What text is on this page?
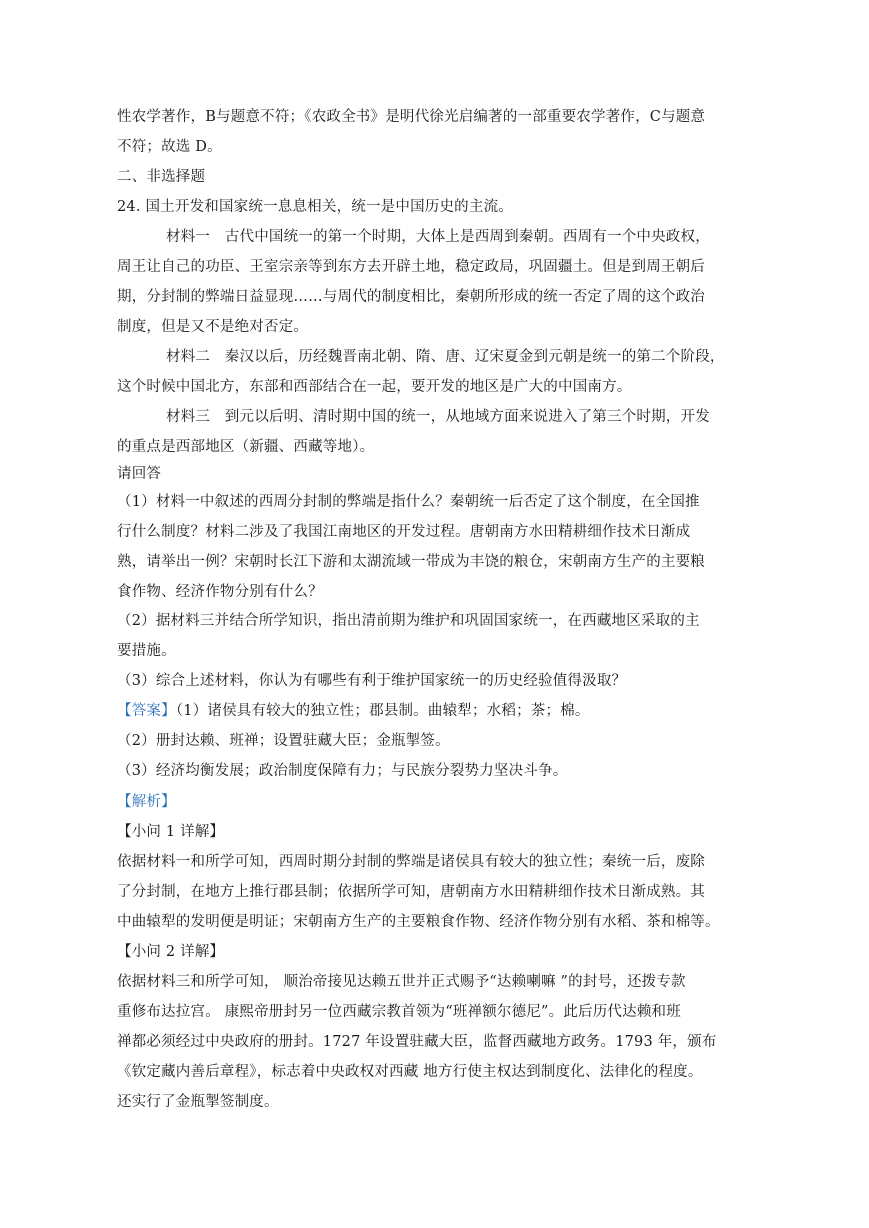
性农学著作，B与题意不符；《农政全书》是明代徐光启编著的一部重要农学著作，C与题意
不符；故选 D。
二、非选择题
24. 国土开发和国家统一息息相关，统一是中国历史的主流。
材料一　古代中国统一的第一个时期，大体上是西周到秦朝。西周有一个中央政权，
周王让自己的功臣、王室宗亲等到东方去开辟土地，稳定政局，巩固疆土。但是到周王朝后
期，分封制的弊端日益显现……与周代的制度相比，秦朝所形成的统一否定了周的这个政治
制度，但是又不是绝对否定。
材料二　秦汉以后，历经魏晋南北朝、隋、唐、辽宋夏金到元朝是统一的第二个阶段，
这个时候中国北方，东部和西部结合在一起，要开发的地区是广大的中国南方。
材料三　到元以后明、清时期中国的统一，从地域方面来说进入了第三个时期，开发
的重点是西部地区（新疆、西藏等地）。
请回答
（1）材料一中叙述的西周分封制的弊端是指什么？秦朝统一后否定了这个制度，在全国推
行什么制度？材料二涉及了我国江南地区的开发过程。唐朝南方水田精耕细作技术日渐成
熟，请举出一例？宋朝时长江下游和太湖流域一带成为丰饶的粮仓，宋朝南方生产的主要粮
食作物、经济作物分别有什么？
（2）据材料三并结合所学知识，指出清前期为维护和巩固国家统一，在西藏地区采取的主
要措施。
（3）综合上述材料，你认为有哪些有利于维护国家统一的历史经验值得汲取？
【答案】（1）诸侯具有较大的独立性；郡县制。曲辕犁；水稻；茶；棉。
（2）册封达赖、班禅；设置驻藏大臣；金瓶掣签。
（3）经济均衡发展；政治制度保障有力；与民族分裂势力坚决斗争。
【解析】
【小问 1 详解】
依据材料一和所学可知，西周时期分封制的弊端是诸侯具有较大的独立性；秦统一后，废除
了分封制，在地方上推行郡县制；依据所学可知，唐朝南方水田精耕细作技术日渐成熟。其
中曲辕犁的发明便是明证；宋朝南方生产的主要粮食作物、经济作物分别有水稻、茶和棉等。
【小问 2 详解】
依据材料三和所学可知， 顺治帝接见达赖五世并正式赐予“达赖喇嘛 ”的封号，还拨专款
重修布达拉宫。 康熙帝册封另一位西藏宗教首领为“班禅额尔德尼”。此后历代达赖和班
禅都必须经过中央政府的册封。1727 年设置驻藏大臣，监督西藏地方政务。1793 年，颁布
《钦定藏内善后章程》，标志着中央政权对西藏 地方行使主权达到制度化、法律化的程度。
还实行了金瓶掣签制度。
